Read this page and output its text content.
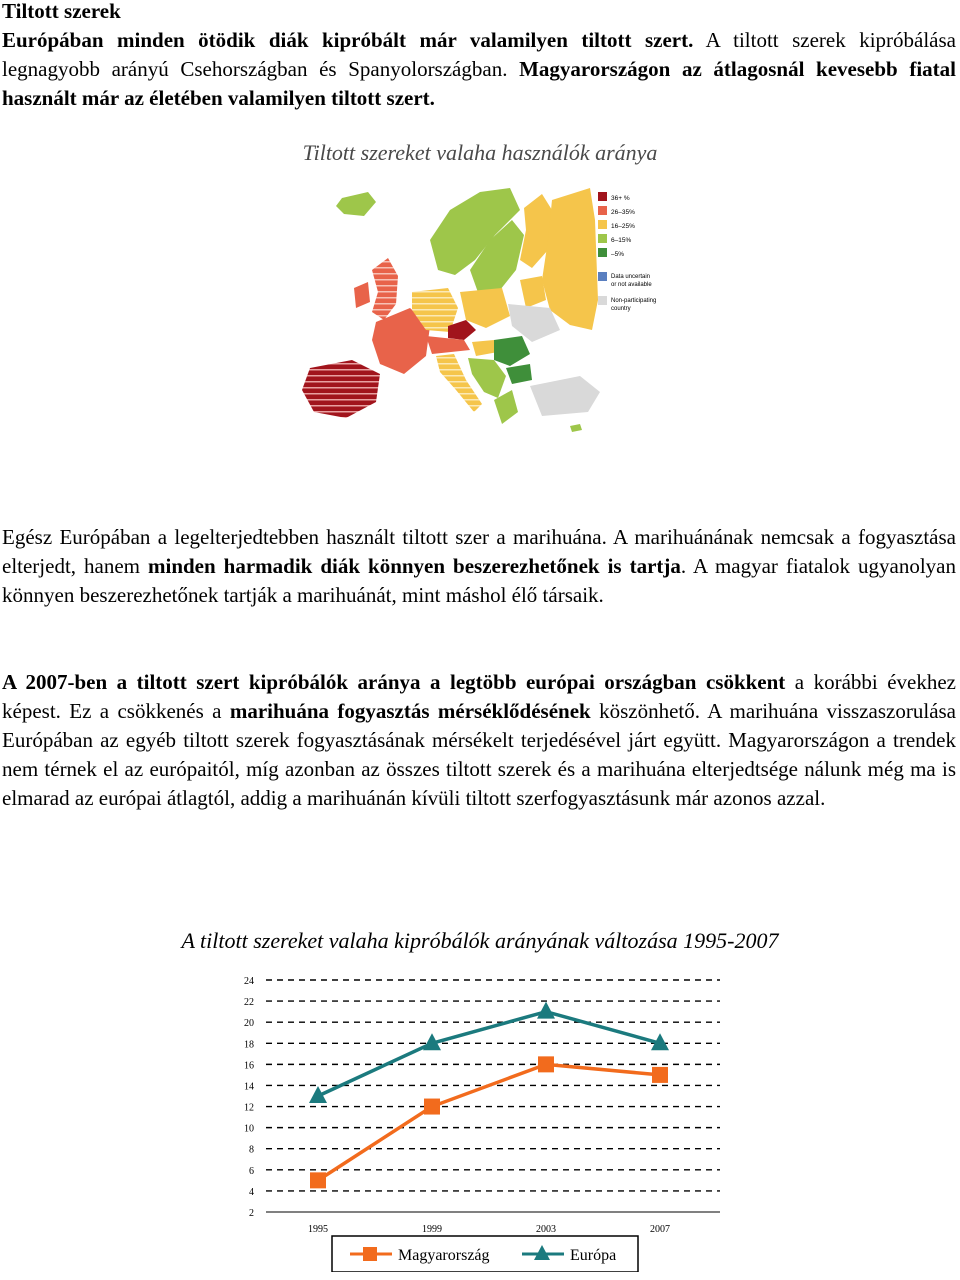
Tiltott szerek

Európában minden ötödik diák kipróbált már valamilyen tiltott szert. A tiltott szerek kipróbálása legnagyobb arányú Csehországban és Spanyolországban. Magyarországon az átlagosnál kevesebb fiatal használt már az életében valamilyen tiltott szert.

Tiltott szereket valaha használók aránya

36+ %
26–35%
16–25%
6–15%
–5%
Data uncertain
or not available
Non-participating
country

Egész Európában a legelterjedtebben használt tiltott szer a marihuána. A marihuánának nemcsak a fogyasztása elterjedt, hanem minden harmadik diák könnyen beszerezhetőnek is tartja. A magyar fiatalok ugyanolyan könnyen beszerezhetőnek tartják a marihuánát, mint máshol élő társaik.

A 2007-ben a tiltott szert kipróbálók aránya a legtöbb európai országban csökkent a korábbi évekhez képest. Ez a csökkenés a marihuána fogyasztás mérséklődésének köszönhető. A marihuána visszaszorulása Európában az egyéb tiltott szerek fogyasztásának mérsékelt terjedésével járt együtt. Magyarországon a trendek nem térnek el az európaitól, míg azonban az összes tiltott szerek és a marihuána elterjedtsége nálunk még ma is elmarad az európai átlagtól, addig a marihuánán kívüli tiltott szerfogyasztásunk már azonos azzal.

A tiltott szereket valaha kipróbálók arányának változása 1995-2007

2
4
6
8
10
12
14
16
18
20
22
24
1995	1999	2003	2007
Magyarország	Európa
